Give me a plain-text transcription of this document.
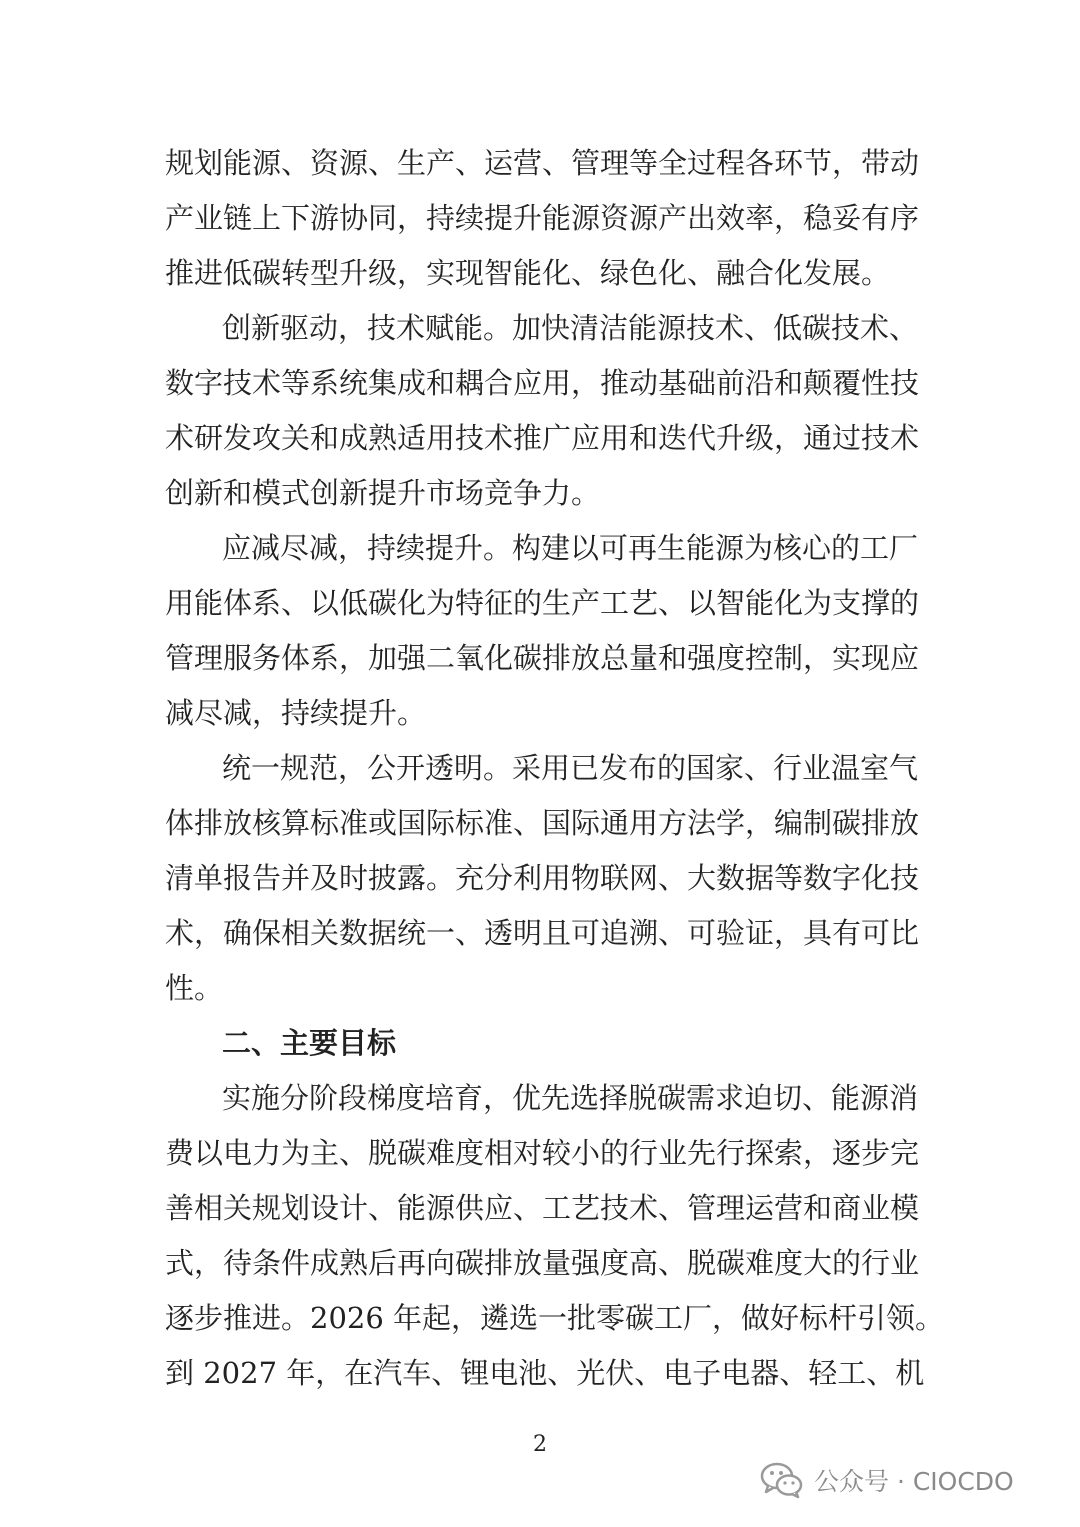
规划能源、资源、生产、运营、管理等全过程各环节，带动
产业链上下游协同，持续提升能源资源产出效率，稳妥有序
推进低碳转型升级，实现智能化、绿色化、融合化发展。
创新驱动，技术赋能。加快清洁能源技术、低碳技术、
数字技术等系统集成和耦合应用，推动基础前沿和颠覆性技
术研发攻关和成熟适用技术推广应用和迭代升级，通过技术
创新和模式创新提升市场竞争力。
应减尽减，持续提升。构建以可再生能源为核心的工厂
用能体系、以低碳化为特征的生产工艺、以智能化为支撑的
管理服务体系，加强二氧化碳排放总量和强度控制，实现应
减尽减，持续提升。
统一规范，公开透明。采用已发布的国家、行业温室气
体排放核算标准或国际标准、国际通用方法学，编制碳排放
清单报告并及时披露。充分利用物联网、大数据等数字化技
术，确保相关数据统一、透明且可追溯、可验证，具有可比
性。
二、主要目标
实施分阶段梯度培育，优先选择脱碳需求迫切、能源消
费以电力为主、脱碳难度相对较小的行业先行探索，逐步完
善相关规划设计、能源供应、工艺技术、管理运营和商业模
式，待条件成熟后再向碳排放量强度高、脱碳难度大的行业
逐步推进。2026 年起，遴选一批零碳工厂，做好标杆引领。
到 2027 年，在汽车、锂电池、光伏、电子电器、轻工、机
2
公众号 · CIOCDO
